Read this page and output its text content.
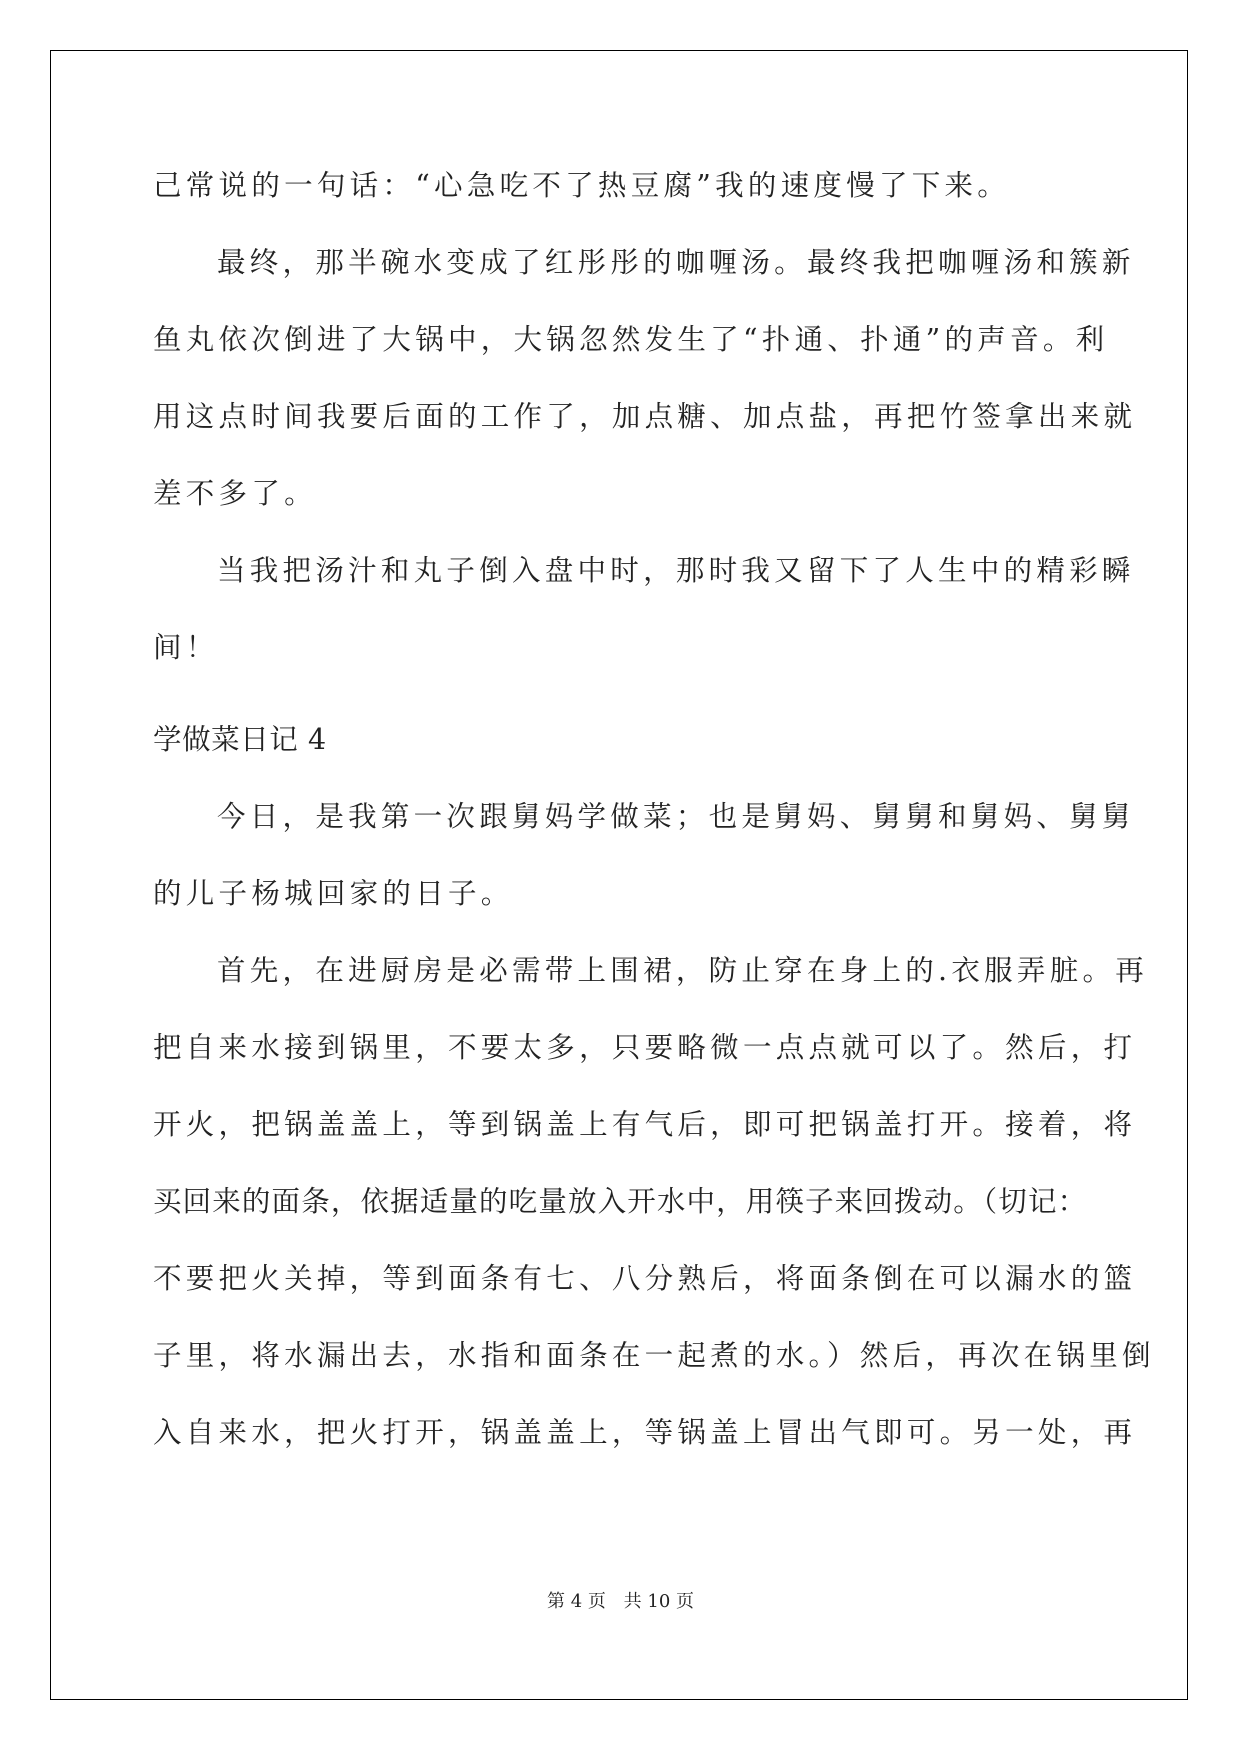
己常说的一句话：“心急吃不了热豆腐”我的速度慢了下来。

最终，那半碗水变成了红彤彤的咖喱汤。最终我把咖喱汤和簇新

鱼丸依次倒进了大锅中，大锅忽然发生了“扑通、扑通”的声音。利

用这点时间我要后面的工作了，加点糖、加点盐，再把竹签拿出来就

差不多了。

当我把汤汁和丸子倒入盘中时，那时我又留下了人生中的精彩瞬

间！

学做菜日记 4

今日，是我第一次跟舅妈学做菜；也是舅妈、舅舅和舅妈、舅舅

的儿子杨城回家的日子。

首先，在进厨房是必需带上围裙，防止穿在身上的.衣服弄脏。再

把自来水接到锅里，不要太多，只要略微一点点就可以了。然后，打

开火，把锅盖盖上，等到锅盖上有气后，即可把锅盖打开。接着，将

买回来的面条，依据适量的吃量放入开水中，用筷子来回拨动。（切记：

不要把火关掉，等到面条有七、八分熟后，将面条倒在可以漏水的篮

子里，将水漏出去，水指和面条在一起煮的水。）然后，再次在锅里倒

入自来水，把火打开，锅盖盖上，等锅盖上冒出气即可。另一处，再

第 4 页 共 10 页
